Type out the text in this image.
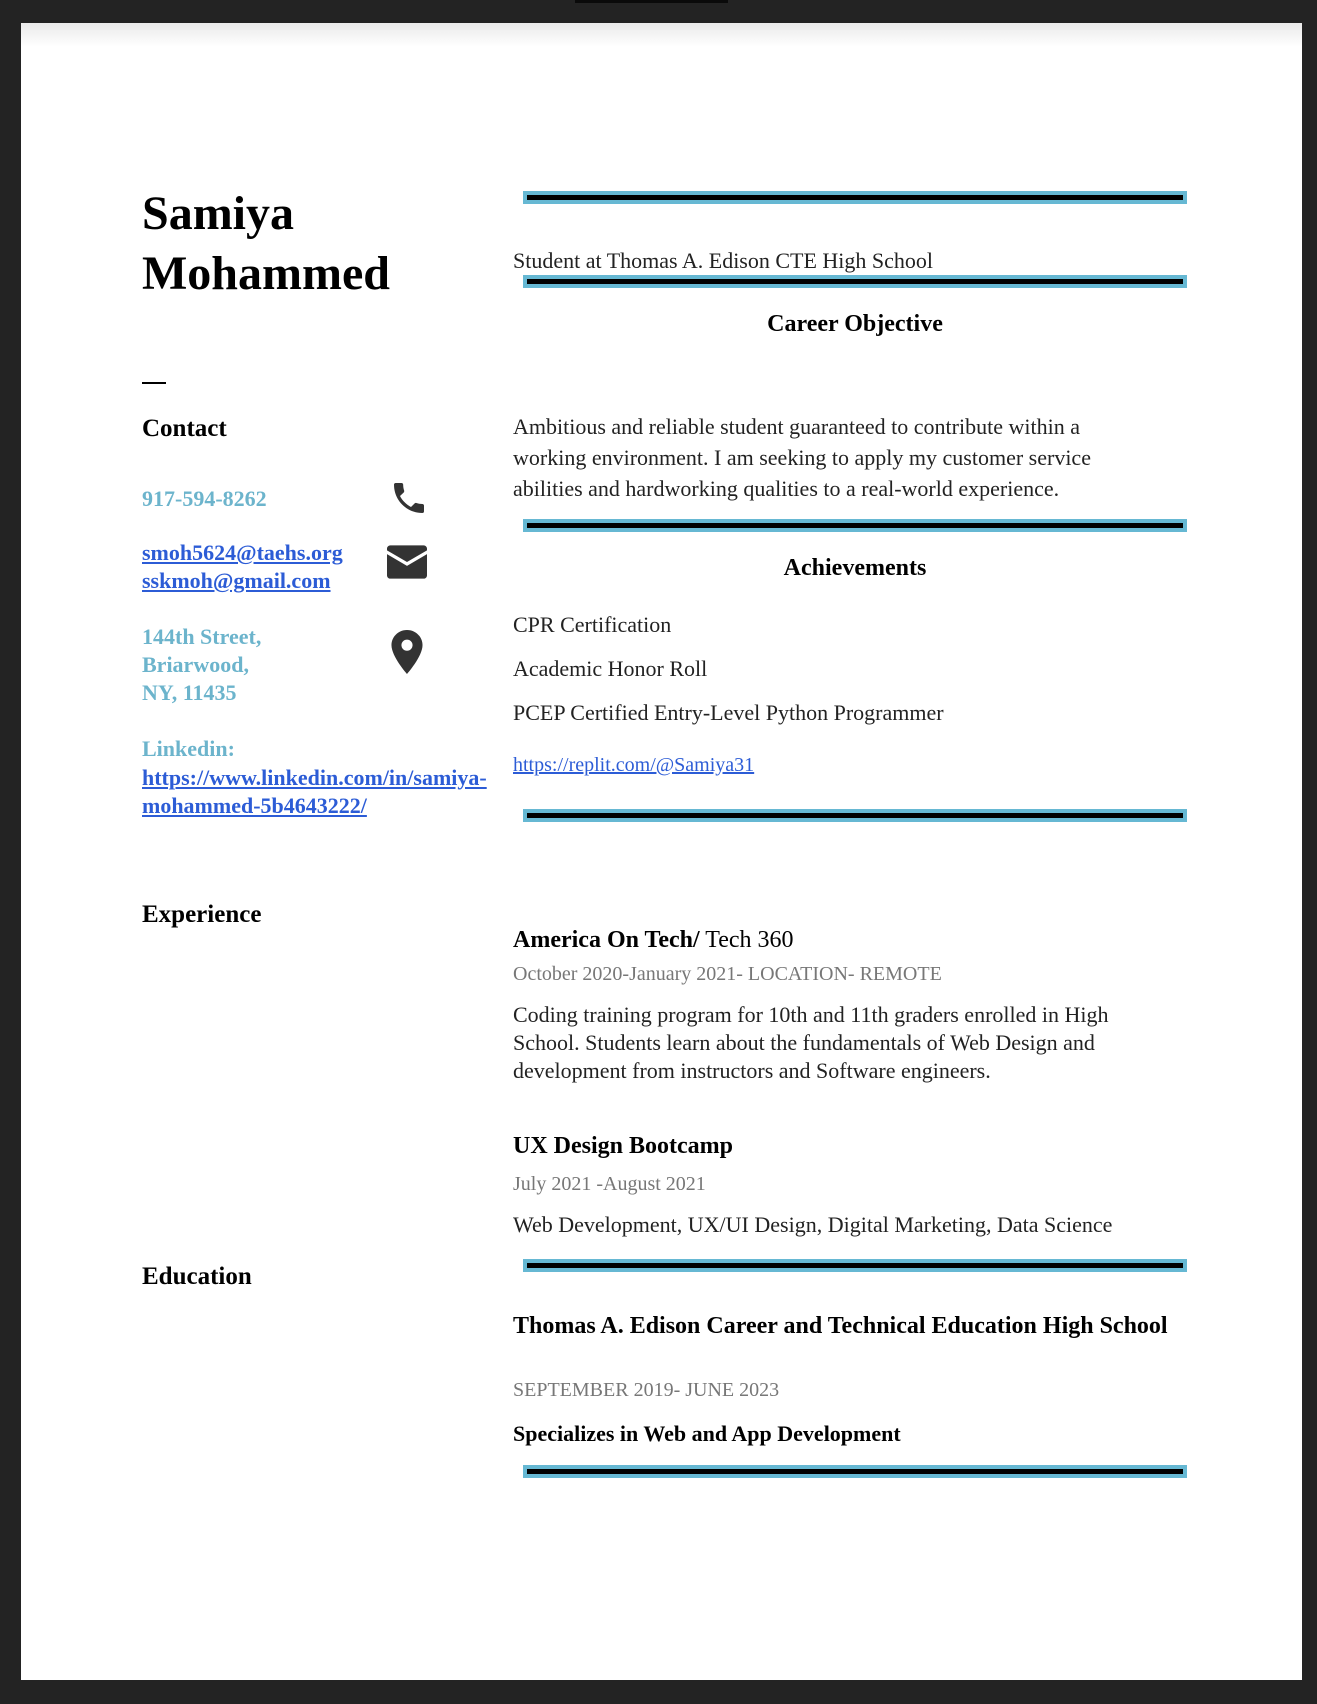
Samiya
Mohammed
Contact
917-594-8262
smoh5624@taehs.org
sskmoh@gmail.com
144th Street,
Briarwood,
NY, 11435
Linkedin:
https://www.linkedin.com/in/samiya-mohammed-5b4643222/
Experience
Education
Student at Thomas A. Edison CTE High School
Career Objective
Ambitious and reliable student guaranteed to contribute within a working environment. I am seeking to apply my customer service abilities and hardworking qualities to a real-world experience.
Achievements
CPR Certification
Academic Honor Roll
PCEP Certified Entry-Level Python Programmer
https://replit.com/@Samiya31
America On Tech/ Tech 360
October 2020-January 2021- LOCATION- REMOTE
Coding training program for 10th and 11th graders enrolled in High School. Students learn about the fundamentals of Web Design and development from instructors and Software engineers.
UX Design Bootcamp
July 2021 -August 2021
Web Development, UX/UI Design, Digital Marketing, Data Science
Thomas A. Edison Career and Technical Education High School
SEPTEMBER 2019- JUNE 2023
Specializes in Web and App Development
